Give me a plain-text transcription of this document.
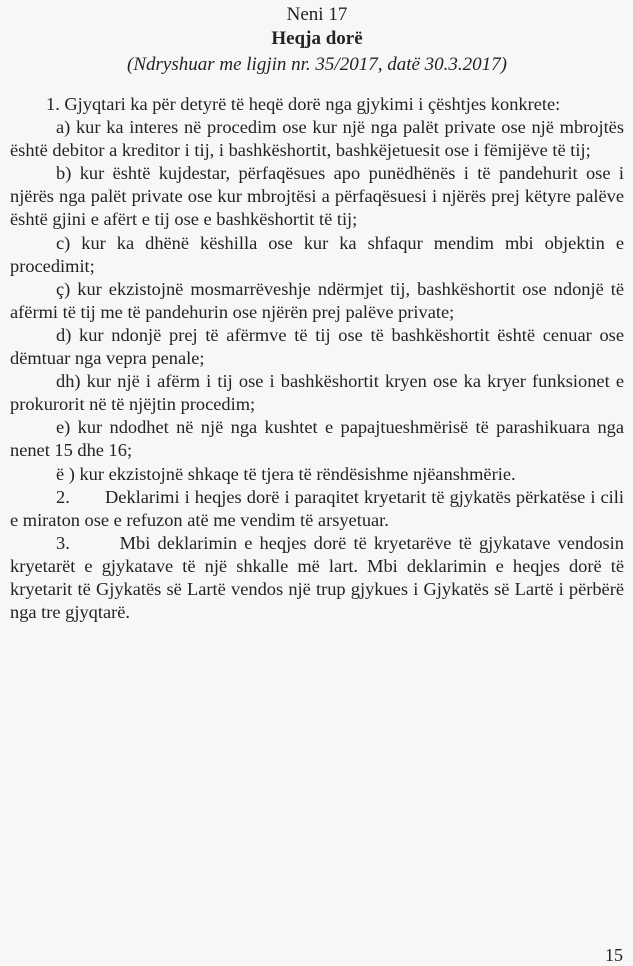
Neni 17
Heqja dorë
(Ndryshuar me ligjin nr. 35/2017, datë 30.3.2017)

1. Gjyqtari ka për detyrë të heqë dorë nga gjykimi i çështjes konkrete:

a) kur ka interes në procedim ose kur një nga palët private ose një mbrojtës është debitor a kreditor i tij, i bashkëshortit, bashkëjetuesit ose i fëmijëve të tij;

b) kur është kujdestar, përfaqësues apo punëdhënës i të pandehurit ose i njërës nga palët private ose kur mbrojtësi a përfaqësuesi i njërës prej këtyre palëve është gjini e afërt e tij ose e bashkëshortit të tij;

c) kur ka dhënë këshilla ose kur ka shfaqur mendim mbi objektin e procedimit;

ç) kur ekzistojnë mosmarrëveshje ndërmjet tij, bashkëshortit ose ndonjë të afërmi të tij me të pandehurin ose njërën prej palëve private;

d) kur ndonjë prej të afërmve të tij ose të bashkëshortit është cenuar ose dëmtuar nga vepra penale;

dh) kur një i afërm i tij ose i bashkëshortit kryen ose ka kryer funksionet e prokurorit në të njëjtin procedim;

e) kur ndodhet në një nga kushtet e papajtueshmërisë të parashikuara nga nenet 15 dhe 16;

ë ) kur ekzistojnë shkaqe të tjera të rëndësishme njëanshmërie.

2.       Deklarimi i heqjes dorë i paraqitet kryetarit të gjykatës përkatëse i cili e miraton ose e refuzon atë me vendim të arsyetuar.

3.       Mbi deklarimin e heqjes dorë të kryetarëve të gjykatave vendosin kryetarët e gjykatave të një shkalle më lart. Mbi deklarimin e heqjes dorë të kryetarit të Gjykatës së Lartë vendos një trup gjykues i Gjykatës së Lartë i përbërë nga tre gjyqtarë.

15
